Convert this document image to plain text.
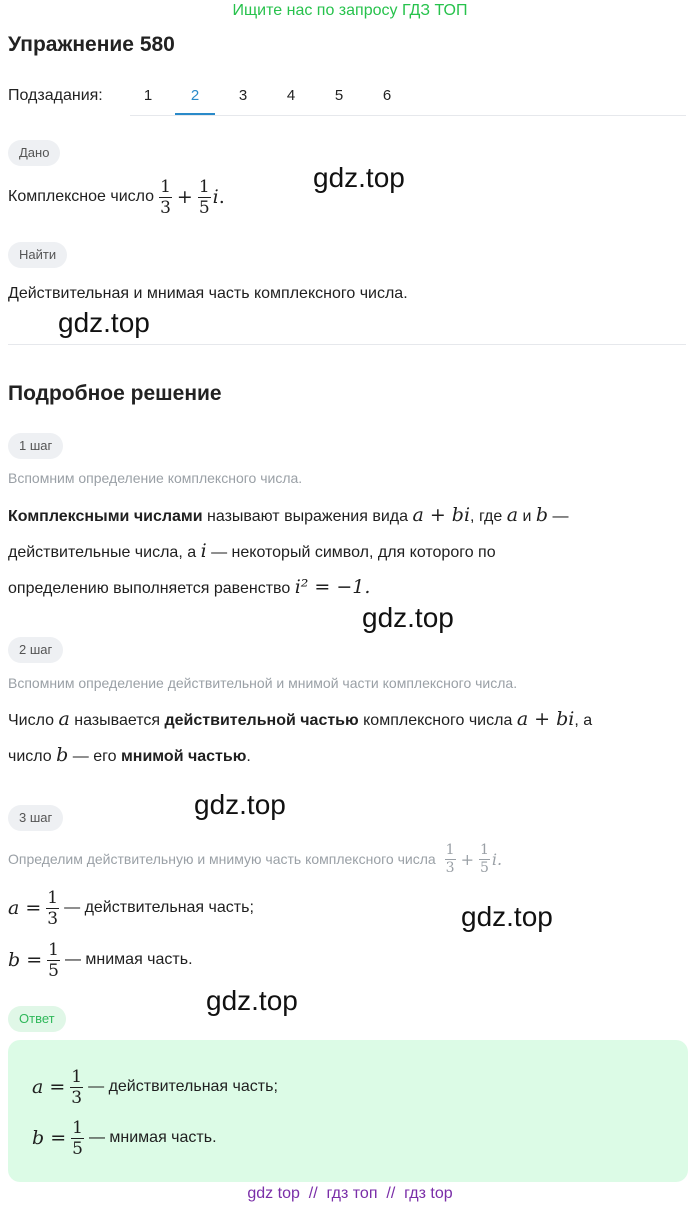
Ищите нас по запросу ГДЗ ТОП
Упражнение 580
Подзадания:	1	2	3	4	5	6
Дано
Комплексное число $\frac{1}{3} + \frac{1}{5}$ i .
Найти
Действительная и мнимая часть комплексного числа.
Подробное решение
1 шаг
Вспомним определение комплексного числа.
Комплексными числами называют выражения вида a + bi, где a и b —
действительные числа, а i — некоторый символ, для которого по
определению выполняется равенство i² = −1.
2 шаг
Вспомним определение действительной и мнимой части комплексного числа.
Число a называется действительной частью комплексного числа a + bi, а
число b — его мнимой частью.
3 шаг
Определим действительную и мнимую часть комплексного числа $\frac{1}{3} + \frac{1}{5} i$.
$a = \frac{1}{3}$ — действительная часть;
$b = \frac{1}{5}$ — мнимая часть.
Ответ
$a = \frac{1}{3}$ — действительная часть;
$b = \frac{1}{5}$ — мнимая часть.
gdz.top
gdz.top
gdz.top
gdz.top
gdz.top
gdz.top
gdz top  //  гдз топ  //  гдз top
